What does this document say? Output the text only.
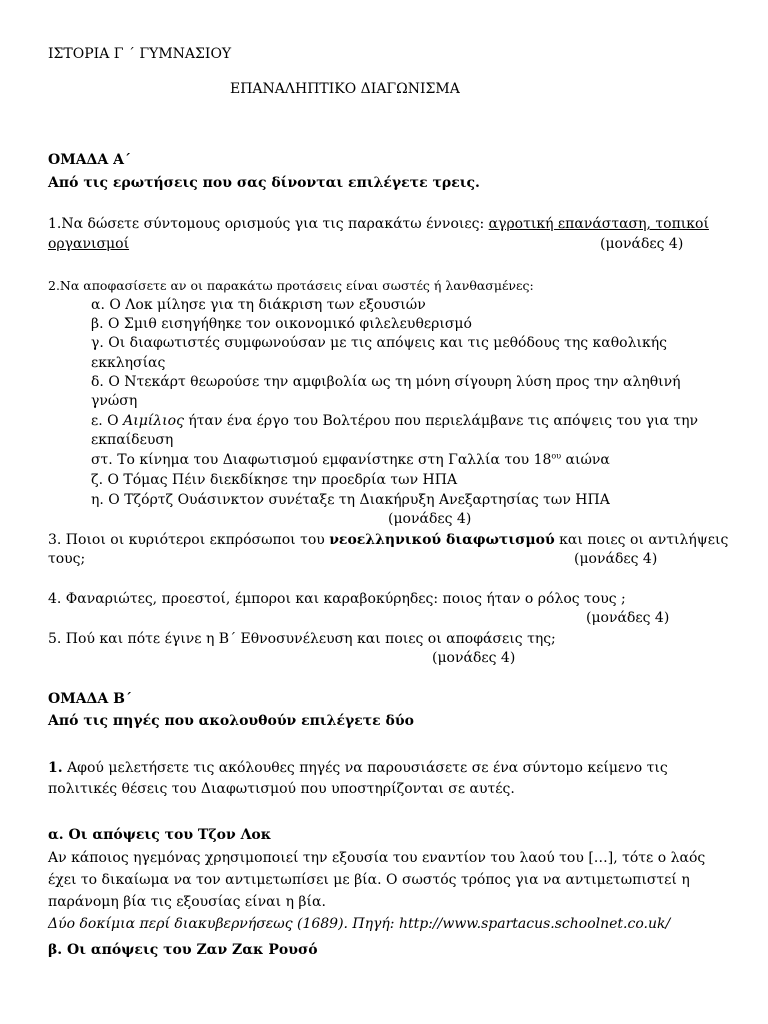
ΙΣΤΟΡΙΑ Γ ΄ ΓΥΜΝΑΣΙΟΥ
ΕΠΑΝΑΛΗΠΤΙΚΟ ΔΙΑΓΩΝΙΣΜΑ
ΟΜΑΔΑ Α΄
Από τις ερωτήσεις που σας δίνονται επιλέγετε τρεις.
1.Να δώσετε σύντομους ορισμούς για τις παρακάτω έννοιες: αγροτική επανάσταση, τοπικοί
οργανισμοί	(μονάδες 4)
2.Να αποφασίσετε αν οι παρακάτω προτάσεις είναι σωστές ή λανθασμένες:
α. Ο Λοκ μίλησε για τη διάκριση των εξουσιών
β. Ο Σμιθ εισηγήθηκε τον οικονομικό φιλελευθερισμό
γ. Οι διαφωτιστές συμφωνούσαν με τις απόψεις και τις μεθόδους της καθολικής
εκκλησίας
δ. Ο Ντεκάρτ θεωρούσε την αμφιβολία ως τη μόνη σίγουρη λύση προς την αληθινή
γνώση
ε. Ο Αιμίλιος ήταν ένα έργο του Βολτέρου που περιελάμβανε τις απόψεις του για την
εκπαίδευση
στ. Το κίνημα του Διαφωτισμού εμφανίστηκε στη Γαλλία του $18^{o\upsilon}$ αιώνα
ζ. Ο Τόμας Πέιν διεκδίκησε την προεδρία των ΗΠΑ
η. Ο Τζόρτζ Ουάσινκτον συνέταξε τη Διακήρυξη Ανεξαρτησίας των ΗΠΑ
(μονάδες 4)
3. Ποιοι οι κυριότεροι εκπρόσωποι του νεοελληνικού διαφωτισμού και ποιες οι αντιλήψεις
τους;	(μονάδες 4)
4. Φαναριώτες, προεστοί, έμποροι και καραβοκύρηδες: ποιος ήταν ο ρόλος τους ;
(μονάδες 4)
5. Πού και πότε έγινε η Β΄ Εθνοσυνέλευση και ποιες οι αποφάσεις της;
(μονάδες 4)
ΟΜΑΔΑ Β΄
Από τις πηγές που ακολουθούν επιλέγετε δύο
1. Αφού μελετήσετε τις ακόλουθες πηγές να παρουσιάσετε σε ένα σύντομο κείμενο τις
πολιτικές θέσεις του Διαφωτισμού που υποστηρίζονται σε αυτές.
α. Οι απόψεις του Τζον Λοκ
Αν κάποιος ηγεμόνας χρησιμοποιεί την εξουσία του εναντίον του λαού του […], τότε ο λαός
έχει το δικαίωμα να τον αντιμετωπίσει με βία. Ο σωστός τρόπος για να αντιμετωπιστεί η
παράνομη βία τις εξουσίας είναι η βία.
Δύο δοκίμια περί διακυβερνήσεως (1689). Πηγή: http://www.spartacus.schoolnet.co.uk/
β. Οι απόψεις του Ζαν Ζακ Ρουσό
